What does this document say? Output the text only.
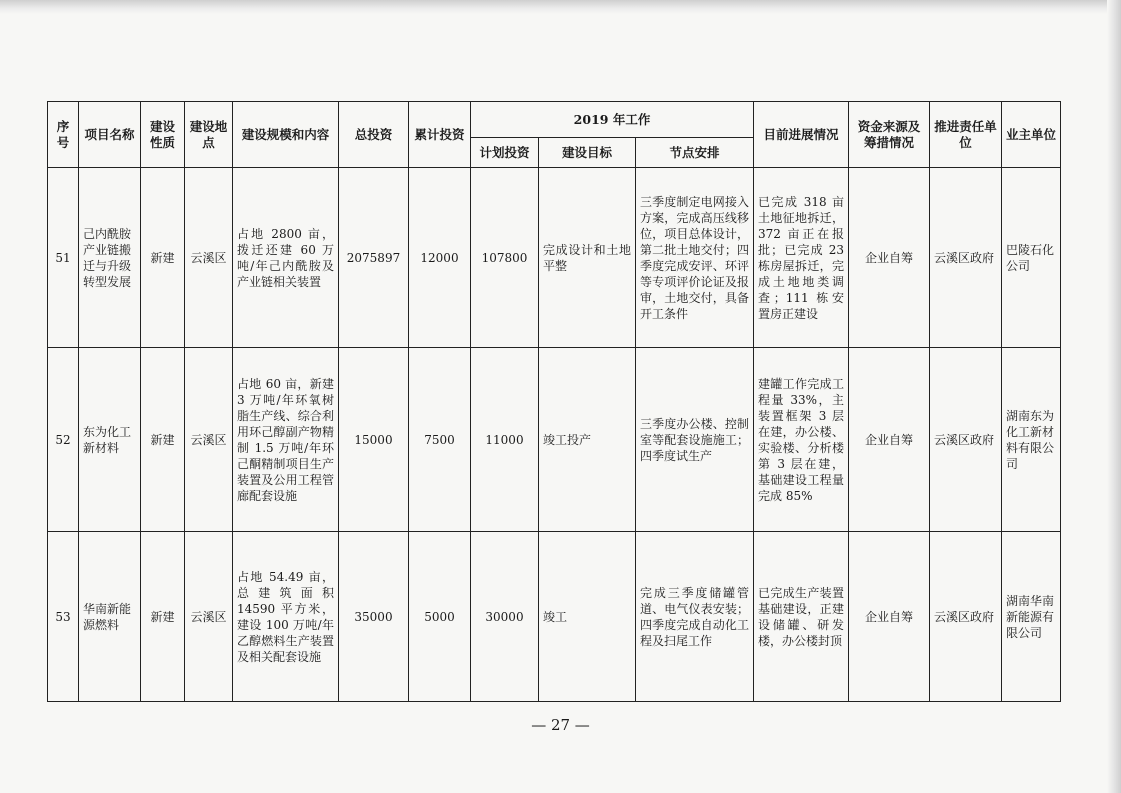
序号	项目名称	建设性质	建设地点	建设规模和内容	总投资	累计投资	2019 年工作			目前进展情况	资金来源及筹措情况	推进责任单　位	业主单位
							计划投资	建设目标	节点安排				
51	己内酰胺产业链搬迁与升级转型发展	新建	云溪区	占地 2800 亩，拨迁还建 60 万吨/年己内酰胺及产业链相关装置	2075897	12000	107800	完成设计和土地平整	三季度制定电网接入方案，完成高压线移位，项目总体设计，第二批土地交付；四季度完成安评、环评等专项评价论证及报审，土地交付，具备开工条件	已完成 318 亩土地征地拆迁，372 亩正在报批；已完成 23 栋房屋拆迁，完成土地地类调查；111 栋安置房正建设	企业自筹	云溪区政府	巴陵石化公司
52	东为化工新材料	新建	云溪区	占地 60 亩，新建 3 万吨/年环氧树脂生产线、综合利用环己醇副产物精制 1.5 万吨/年环己酮精制项目生产装置及公用工程管廊配套设施	15000	7500	11000	竣工投产	三季度办公楼、控制室等配套设施施工；四季度试生产	建罐工作完成工程量 33%，主装置框架 3 层在建，办公楼、实验楼、分析楼第 3 层在建，基础建设工程量完成 85%	企业自筹	云溪区政府	湖南东为化工新材料有限公司
53	华南新能源燃料	新建	云溪区	占地 54.49 亩，总建筑面积 14590 平方米，建设 100 万吨/年乙醇燃料生产装置及相关配套设施	35000	5000	30000	竣工	完成三季度储罐管道、电气仪表安装；四季度完成自动化工程及扫尾工作	已完成生产装置基础建设，正建设储罐、研发楼，办公楼封顶	企业自筹	云溪区政府	湖南华南新能源有限公司
— 27 —
